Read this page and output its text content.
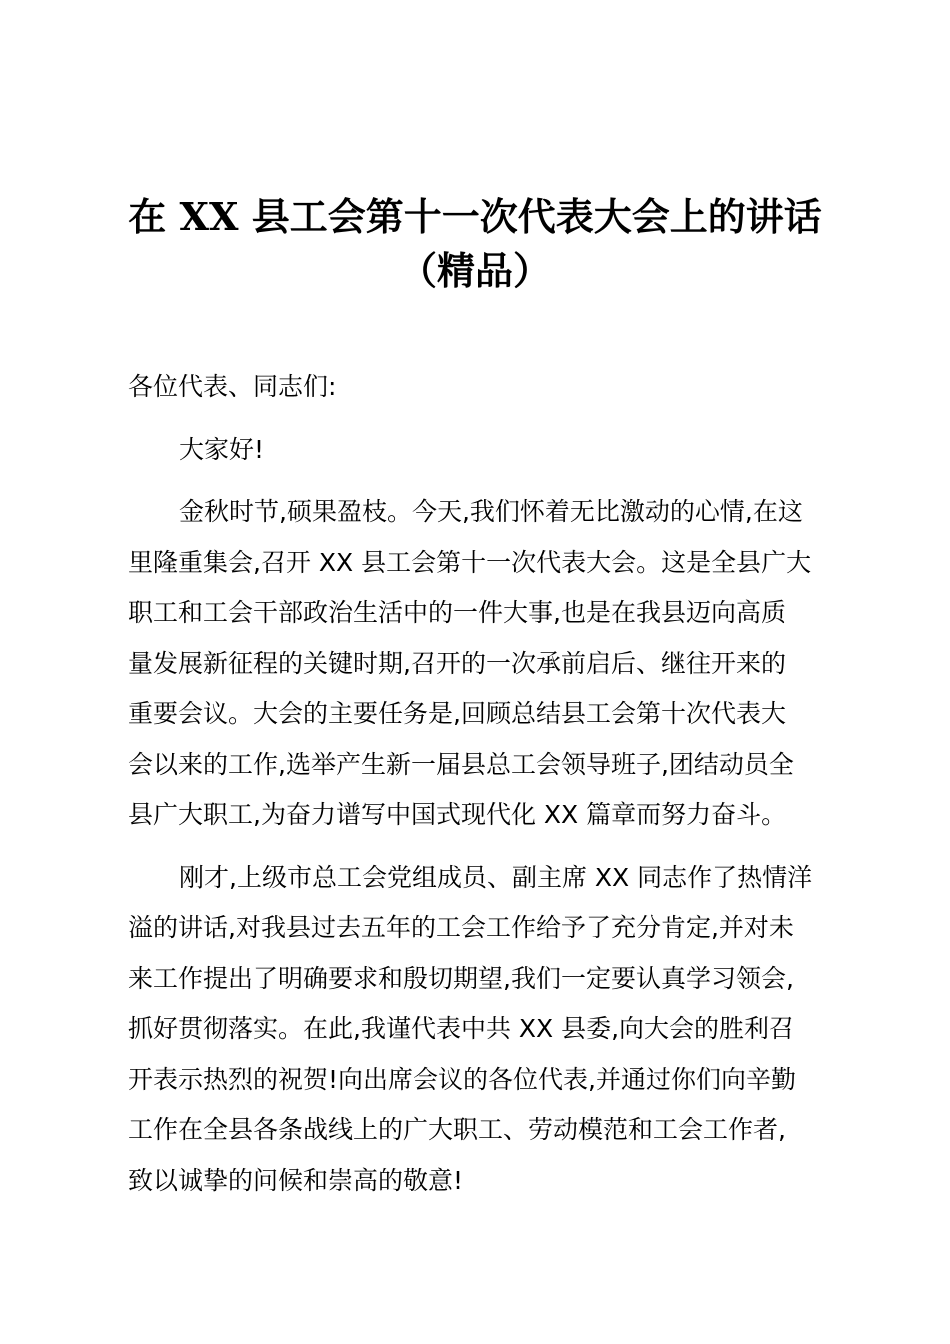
在 XX 县工会第十一次代表大会上的讲话
（精品）

各位代表、同志们:

大家好!

金秋时节,硕果盈枝。今天,我们怀着无比激动的心情,在这
里隆重集会,召开 XX 县工会第十一次代表大会。这是全县广大
职工和工会干部政治生活中的一件大事,也是在我县迈向高质
量发展新征程的关键时期,召开的一次承前启后、继往开来的
重要会议。大会的主要任务是,回顾总结县工会第十次代表大
会以来的工作,选举产生新一届县总工会领导班子,团结动员全
县广大职工,为奋力谱写中国式现代化 XX 篇章而努力奋斗。

刚才,上级市总工会党组成员、副主席 XX 同志作了热情洋
溢的讲话,对我县过去五年的工会工作给予了充分肯定,并对未
来工作提出了明确要求和殷切期望,我们一定要认真学习领会,
抓好贯彻落实。在此,我谨代表中共 XX 县委,向大会的胜利召
开表示热烈的祝贺!向出席会议的各位代表,并通过你们向辛勤
工作在全县各条战线上的广大职工、劳动模范和工会工作者,
致以诚挚的问候和崇高的敬意!
